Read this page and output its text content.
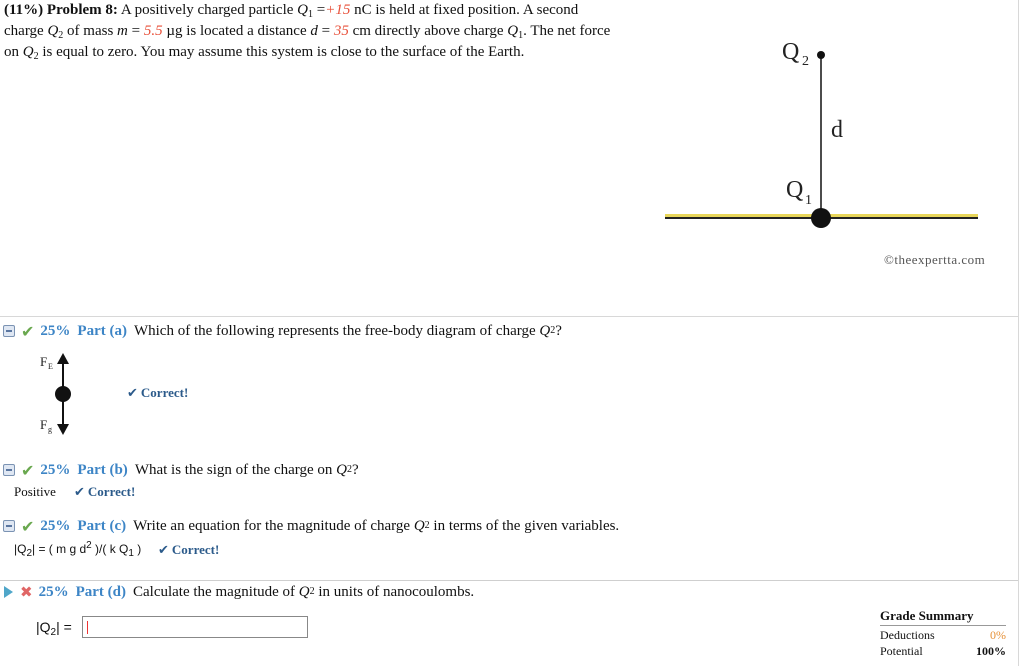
(11%) Problem 8: A positively charged particle $Q_1 =+15$ nC is held at fixed position. A second
charge $Q_2$ of mass m = 5.5 µg is located a distance d = 35 cm directly above charge $Q_1$. The net force
on $Q_2$ is equal to zero. You may assume this system is close to the surface of the Earth.	Q 2
d
Q 1
©theexpertta.com
✔ 25% Part (a) Which of the following represents the free-body diagram of charge
Q 2 ?
F E
F g
✔ Correct!
✔ 25% Part (b) What is the sign of the charge on
Q 2 ?
Positive ✔ Correct!
✔ 25% Part (c) Write an equation for the magnitude of charge
Q 2
in terms of the given variables.
$|Q_2|$ = ( m g $d^2$ )/( k $Q_1$ ) ✔ Correct!
✖ 25% Part (d) Calculate the magnitude of
Q 2
in units of nanocoulombs.
$|Q_2|$ =
Grade Summary
Deductions	0%
Potential	100%
